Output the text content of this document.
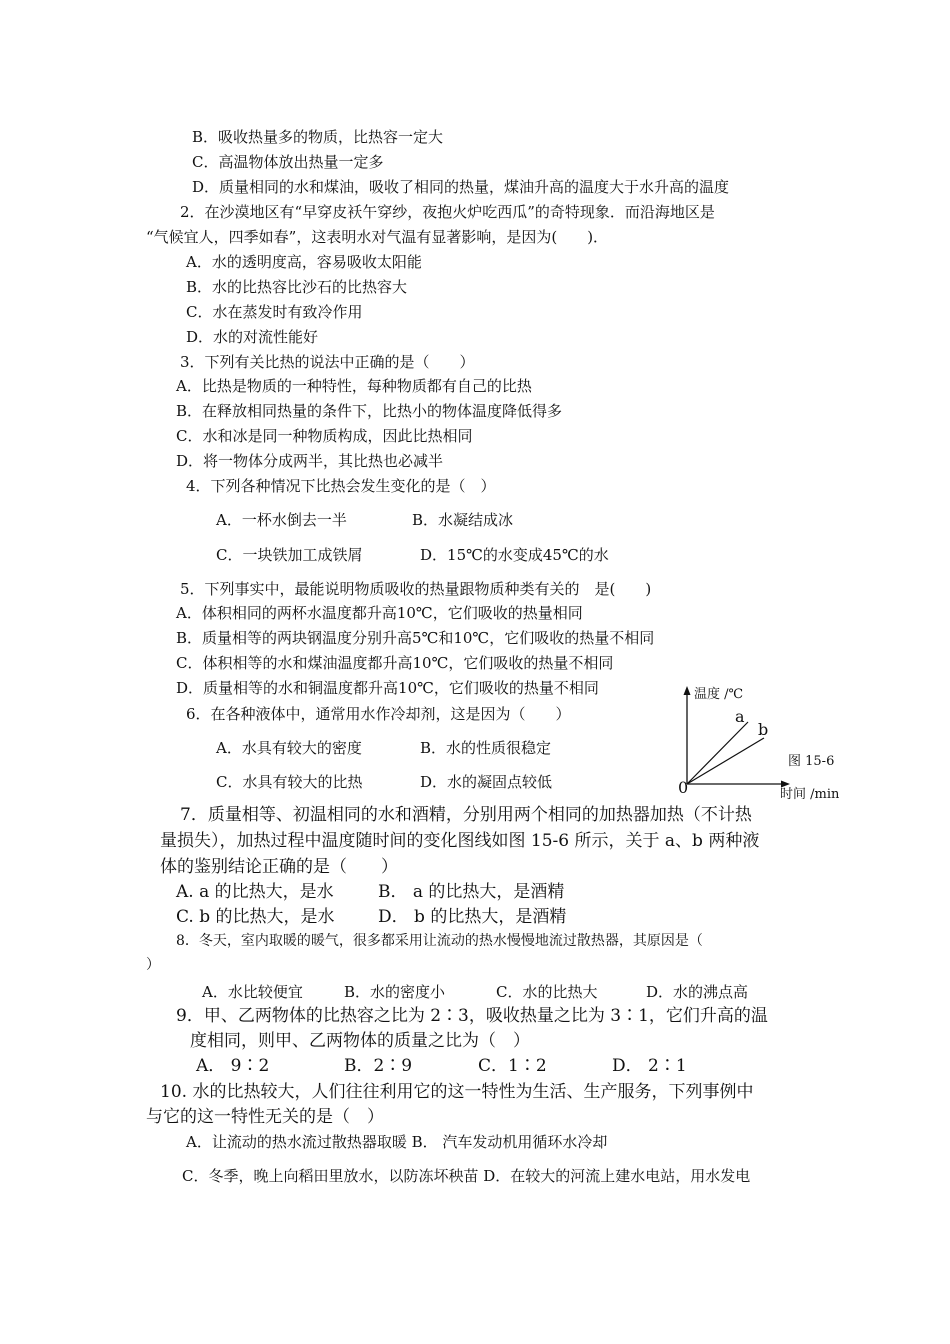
B．吸收热量多的物质，比热容一定大
C．高温物体放出热量一定多
D．质量相同的水和煤油，吸收了相同的热量，煤油升高的温度大于水升高的温度
2．在沙漠地区有“早穿皮袄午穿纱，夜抱火炉吃西瓜”的奇特现象．而沿海地区是
“气候宜人，四季如春”，这表明水对气温有显著影响，是因为(　　)．
A．水的透明度高，容易吸收太阳能
B．水的比热容比沙石的比热容大
C．水在蒸发时有致冷作用
D．水的对流性能好
3．下列有关比热的说法中正确的是（　　）
A．比热是物质的一种特性，每种物质都有自己的比热
B．在释放相同热量的条件下，比热小的物体温度降低得多
C．水和冰是同一种物质构成，因此比热相同
D．将一物体分成两半，其比热也必减半
4．下列各种情况下比热会发生变化的是（　）
A．一杯水倒去一半	B．水凝结成冰
C．一块铁加工成铁屑	D．15℃的水变成45℃的水
5．下列事实中，最能说明物质吸收的热量跟物质种类有关的　是(　　)
A．体积相同的两杯水温度都升高10℃，它们吸收的热量相同
B．质量相等的两块钢温度分别升高5℃和10℃，它们吸收的热量不相同
C．体积相等的水和煤油温度都升高10℃，它们吸收的热量不相同
D．质量相等的水和铜温度都升高10℃，它们吸收的热量不相同
6．在各种液体中，通常用水作冷却剂，这是因为（　　）
A．水具有较大的密度	B．水的性质很稳定
C．水具有较大的比热	D．水的凝固点较低
温度 /℃
时间 /min
0
a
b
图 15-6
7．质量相等、初温相同的水和酒精，分别用两个相同的加热器加热（不计热
量损失），加热过程中温度随时间的变化图线如图 15-6 所示，关于 a、b 两种液
体的鉴别结论正确的是（　　）
A. a 的比热大，是水	B． a 的比热大，是酒精
C. b 的比热大，是水	D． b 的比热大，是酒精
8．冬天，室内取暖的暖气，很多都采用让流动的热水慢慢地流过散热器，其原因是（
）
A．水比较便宜	B．水的密度小	C．水的比热大	D．水的沸点高
9．甲、乙两物体的比热容之比为 2∶3，吸收热量之比为 3∶1，它们升高的温
度相同，则甲、乙两物体的质量之比为（　）
A． 9∶2	B．2∶9	C．1∶2	D． 2∶1
10. 水的比热较大，人们往往利用它的这一特性为生活、生产服务，下列事例中
与它的这一特性无关的是（　）
A．让流动的热水流过散热器取暖 B． 汽车发动机用循环水冷却
C．冬季，晚上向稻田里放水，以防冻坏秧苗 D．在较大的河流上建水电站，用水发电
